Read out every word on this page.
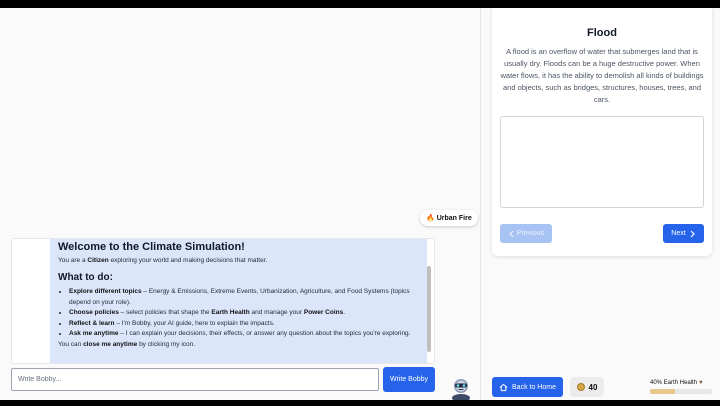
🔥 Urban Fire
Welcome to the Climate Simulation!

You are a Citizen exploring your world and making decisions that matter.

What to do:
• Explore different topics – Energy & Emissions, Extreme Events, Urbanization, Agriculture, and Food Systems (topics depend on your role).
• Choose policies – select policies that shape the Earth Health and manage your Power Coins.
• Reflect & learn – I'm Bobby, your AI guide, here to explain the impacts.
• Ask me anytime – I can explain your decisions, their effects, or answer any question about the topics you're exploring.

You can close me anytime by clicking my icon.

Write Bobby...
Write Bobby
Flood
A flood is an overflow of water that submerges land that is usually dry. Floods can be a huge destructive power. When water flows, it has the ability to demolish all kinds of buildings and objects, such as bridges, structures, houses, trees, and cars.
Previous	Next
Back to Home	40	40% Earth Health ♥
